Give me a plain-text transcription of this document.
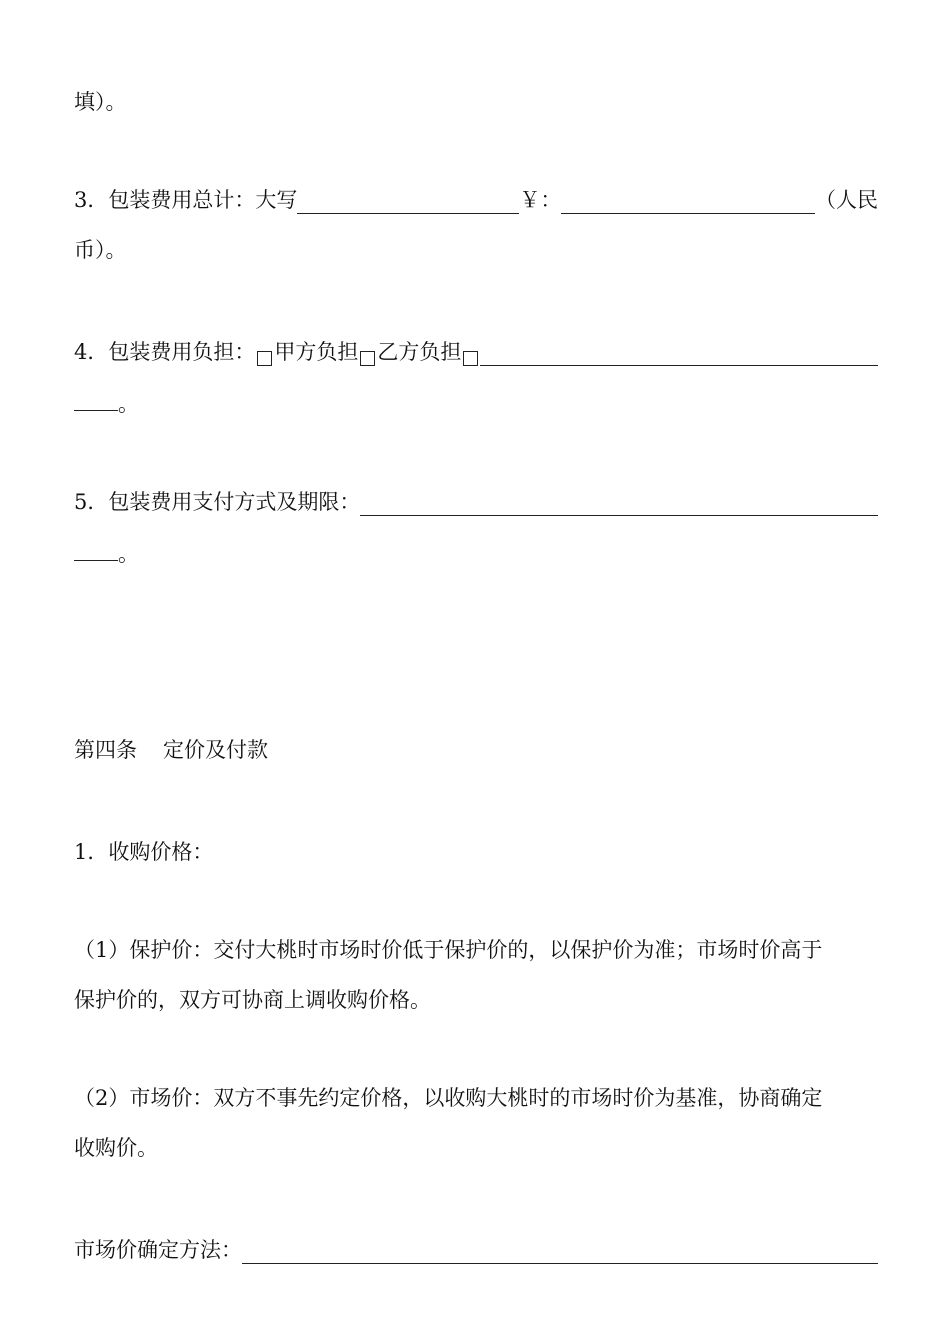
填）。
3．包装费用总计：大写	￥：	（人民
币）。
4．包装费用负担： 甲方负担 乙方负担
。
5．包装费用支付方式及期限：
。
第四条 定价及付款
1．收购价格：
（1）保护价：交付大桃时市场时价低于保护价的，以保护价为准；市场时价高于
保护价的，双方可协商上调收购价格。
（2）市场价：双方不事先约定价格，以收购大桃时的市场时价为基准，协商确定
收购价。
市场价确定方法：
